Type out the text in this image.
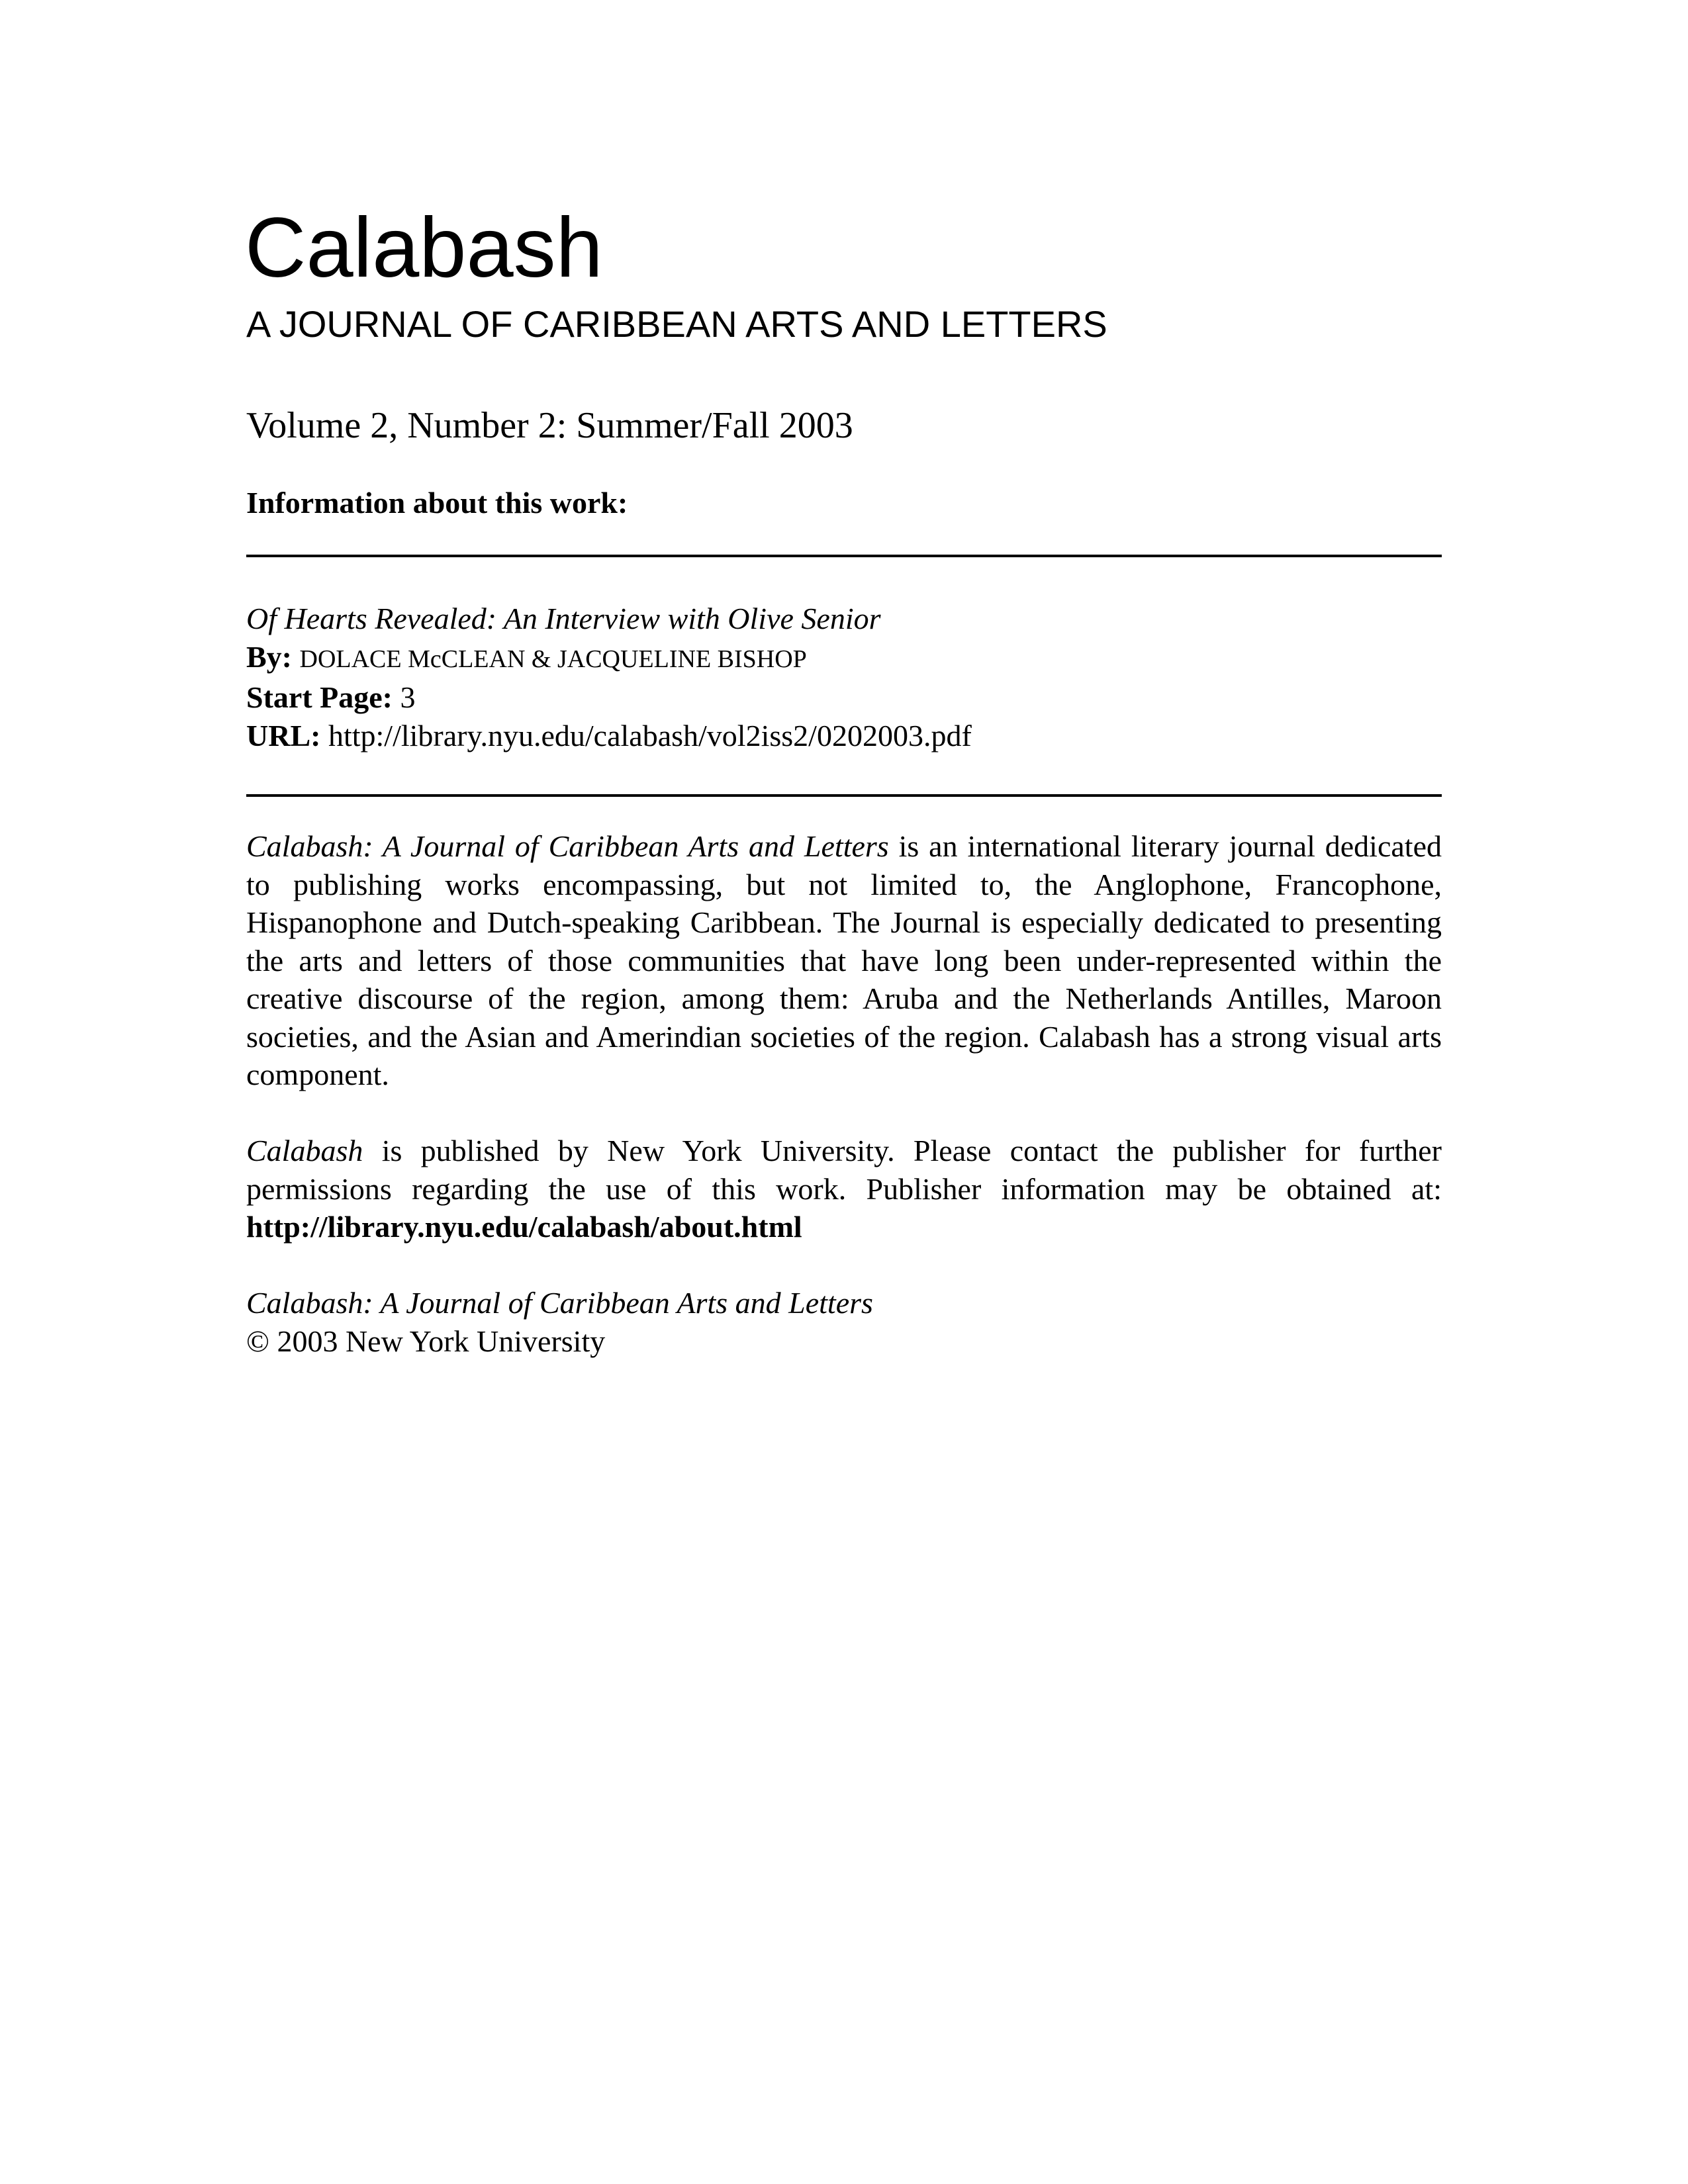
Calabash
A JOURNAL OF CARIBBEAN ARTS AND LETTERS
Volume 2, Number 2: Summer/Fall 2003
Information about this work:
Of Hearts Revealed: An Interview with Olive Senior
By: DOLACE McCLEAN & JACQUELINE BISHOP
Start Page: 3
URL: http://library.nyu.edu/calabash/vol2iss2/0202003.pdf

Calabash: A Journal of Caribbean Arts and Letters is an international literary journal dedicated to publishing works encompassing, but not limited to, the Anglophone, Francophone, Hispanophone and Dutch-speaking Caribbean. The Journal is especially dedicated to presenting the arts and letters of those communities that have long been under-represented within the creative discourse of the region, among them: Aruba and the Netherlands Antilles, Maroon societies, and the Asian and Amerindian societies of the region. Calabash has a strong visual arts component.

Calabash is published by New York University. Please contact the publisher for further permissions regarding the use of this work. Publisher information may be obtained at: http://library.nyu.edu/calabash/about.html

Calabash: A Journal of Caribbean Arts and Letters
© 2003 New York University
